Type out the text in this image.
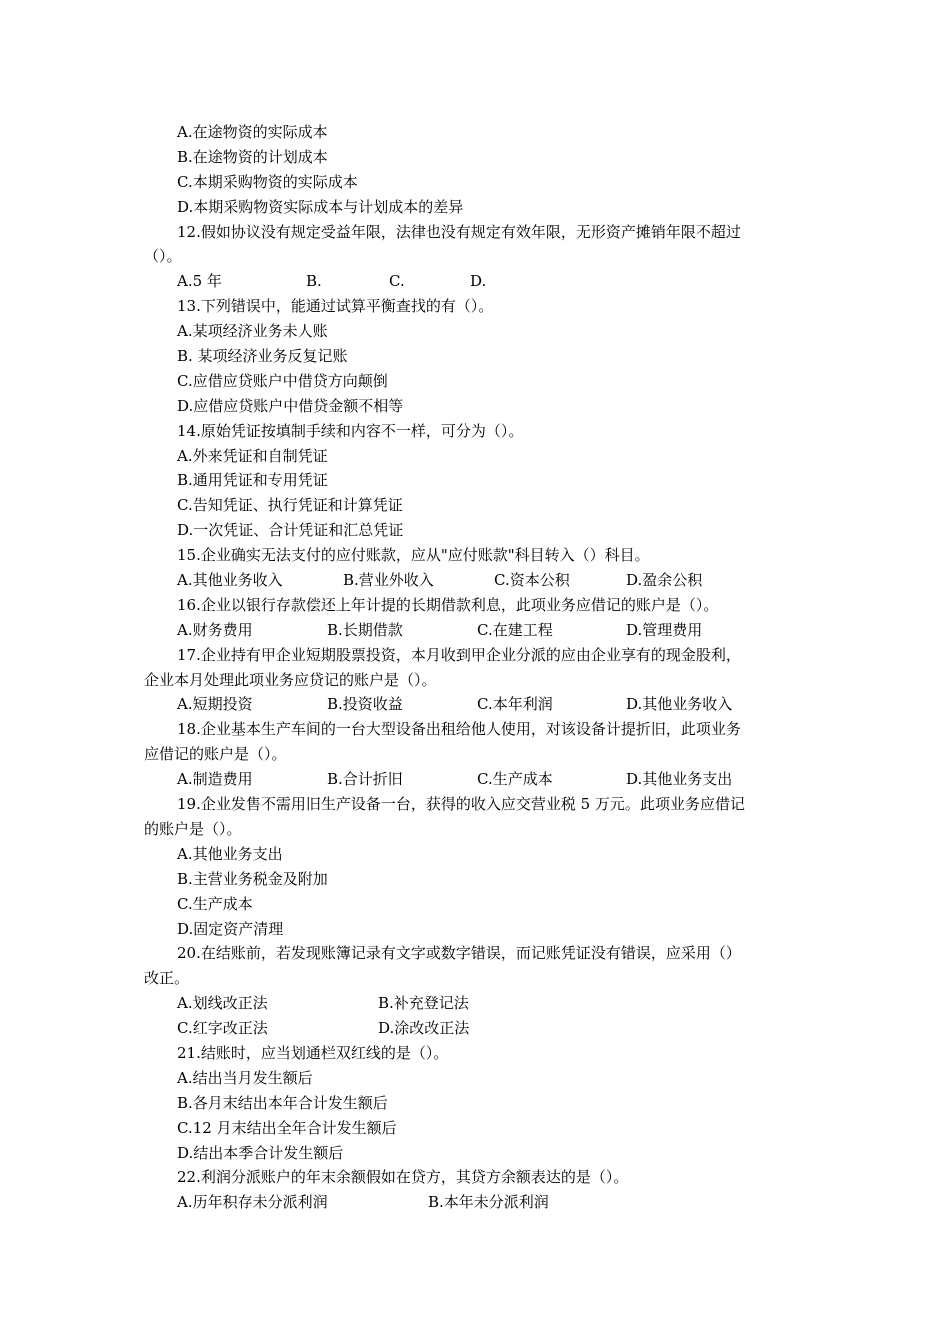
A.在途物资的实际成本
B.在途物资的计划成本
C.本期采购物资的实际成本
D.本期采购物资实际成本与计划成本的差异
12.假如协议没有规定受益年限，法律也没有规定有效年限，无形资产摊销年限不超过
（）。
A.5 年	B.	C.	D.
13.下列错误中，能通过试算平衡查找的有（）。
A.某项经济业务未人账
B. 某项经济业务反复记账
C.应借应贷账户中借贷方向颠倒
D.应借应贷账户中借贷金额不相等
14.原始凭证按填制手续和内容不一样，可分为（）。
A.外来凭证和自制凭证
B.通用凭证和专用凭证
C.告知凭证、执行凭证和计算凭证
D.一次凭证、合计凭证和汇总凭证
15.企业确实无法支付的应付账款，应从"应付账款"科目转入（）科目。
A.其他业务收入	B.营业外收入	C.资本公积	D.盈余公积
16.企业以银行存款偿还上年计提的长期借款利息，此项业务应借记的账户是（）。
A.财务费用	B.长期借款	C.在建工程	D.管理费用
17.企业持有甲企业短期股票投资，本月收到甲企业分派的应由企业享有的现金股利，
企业本月处理此项业务应贷记的账户是（）。
A.短期投资	B.投资收益	C.本年利润	D.其他业务收入
18.企业基本生产车间的一台大型设备出租给他人使用，对该设备计提折旧，此项业务
应借记的账户是（）。
A.制造费用	B.合计折旧	C.生产成本	D.其他业务支出
19.企业发售不需用旧生产设备一台，获得的收入应交营业税 5 万元。此项业务应借记
的账户是（）。
A.其他业务支出
B.主营业务税金及附加
C.生产成本
D.固定资产清理
20.在结账前，若发现账簿记录有文字或数字错误，而记账凭证没有错误，应采用（）
改正。
A.划线改正法	B.补充登记法
C.红字改正法	D.涂改改正法
21.结账时，应当划通栏双红线的是（）。
A.结出当月发生额后
B.各月末结出本年合计发生额后
C.12 月末结出全年合计发生额后
D.结出本季合计发生额后
22.利润分派账户的年末余额假如在贷方，其贷方余额表达的是（）。
A.历年积存未分派利润	B.本年未分派利润
